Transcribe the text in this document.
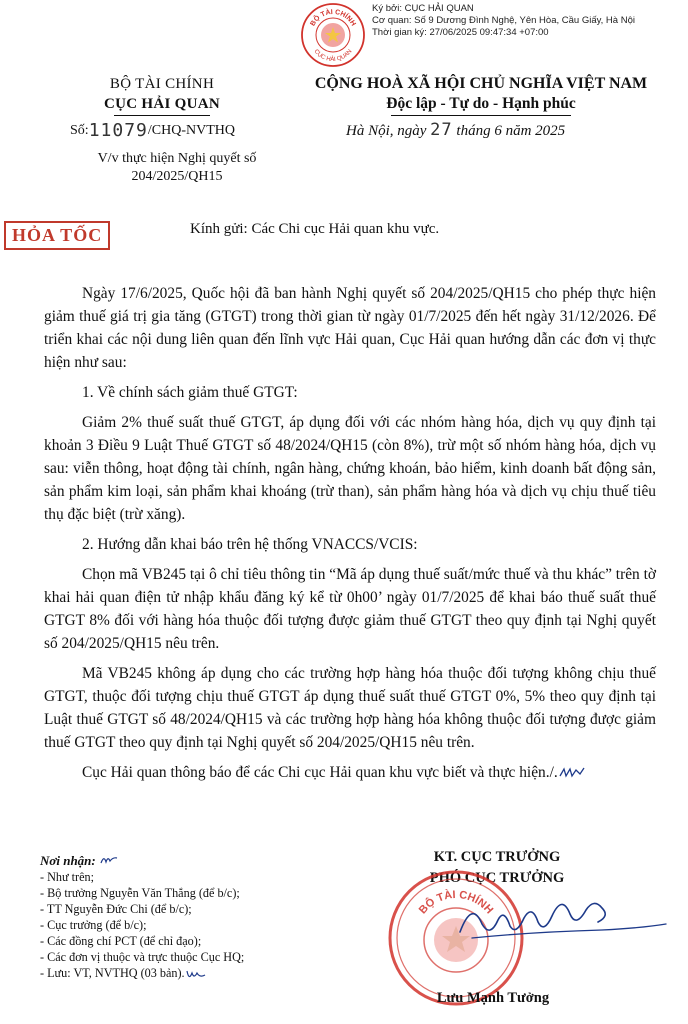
BỘ TÀI CHÍNH
CỤC HẢI QUAN
Ký bởi: CỤC HẢI QUAN
Cơ quan: Số 9 Dương Đình Nghệ, Yên Hòa, Cầu Giấy, Hà Nội
Thời gian ký: 27/06/2025 09:47:34 +07:00
BỘ TÀI CHÍNH
CỤC HẢI QUAN
CỘNG HOÀ XÃ HỘI CHỦ NGHĨA VIỆT NAM
Độc lập - Tự do - Hạnh phúc
Số:11079/CHQ-NVTHQ	Hà Nội, ngày 27 tháng 6 năm 2025
V/v thực hiện Nghị quyết số
204/2025/QH15
HỎA TỐC	Kính gửi: Các Chi cục Hải quan khu vực.

Ngày 17/6/2025, Quốc hội đã ban hành Nghị quyết số 204/2025/QH15 cho phép thực hiện giảm thuế giá trị gia tăng (GTGT) trong thời gian từ ngày 01/7/2025 đến hết ngày 31/12/2026. Để triển khai các nội dung liên quan đến lĩnh vực Hải quan, Cục Hải quan hướng dẫn các đơn vị thực hiện như sau:

1. Về chính sách giảm thuế GTGT:

Giảm 2% thuế suất thuế GTGT, áp dụng đối với các nhóm hàng hóa, dịch vụ quy định tại khoản 3 Điều 9 Luật Thuế GTGT số 48/2024/QH15 (còn 8%), trừ một số nhóm hàng hóa, dịch vụ sau: viễn thông, hoạt động tài chính, ngân hàng, chứng khoán, bảo hiểm, kinh doanh bất động sản, sản phẩm kim loại, sản phẩm khai khoáng (trừ than), sản phẩm hàng hóa và dịch vụ chịu thuế tiêu thụ đặc biệt (trừ xăng).

2. Hướng dẫn khai báo trên hệ thống VNACCS/VCIS:

Chọn mã VB245 tại ô chỉ tiêu thông tin “Mã áp dụng thuế suất/mức thuế và thu khác” trên tờ khai hải quan điện tử nhập khẩu đăng ký kể từ 0h00’ ngày 01/7/2025 để khai báo thuế suất thuế GTGT 8% đối với hàng hóa thuộc đối tượng được giảm thuế GTGT theo quy định tại Nghị quyết số 204/2025/QH15 nêu trên.

Mã VB245 không áp dụng cho các trường hợp hàng hóa thuộc đối tượng không chịu thuế GTGT, thuộc đối tượng chịu thuế GTGT áp dụng thuế suất thuế GTGT 0%, 5% theo quy định tại Luật thuế GTGT số 48/2024/QH15 và các trường hợp hàng hóa không thuộc đối tượng được giảm thuế GTGT theo quy định tại Nghị quyết số 204/2025/QH15 nêu trên.

Cục Hải quan thông báo để các Chi cục Hải quan khu vực biết và thực hiện./.

Nơi nhận:
- Như trên;
- Bộ trưởng Nguyễn Văn Thắng (để b/c);
- TT Nguyễn Đức Chi (để b/c);
- Cục trưởng (để b/c);
- Các đồng chí PCT (để chỉ đạo);
- Các đơn vị thuộc và trực thuộc Cục HQ;
- Lưu: VT, NVTHQ (03 bản).
KT. CỤC TRƯỞNG
PHÓ CỤC TRƯỞNG
BỘ TÀI CHÍNH
Lưu Mạnh Tưởng
